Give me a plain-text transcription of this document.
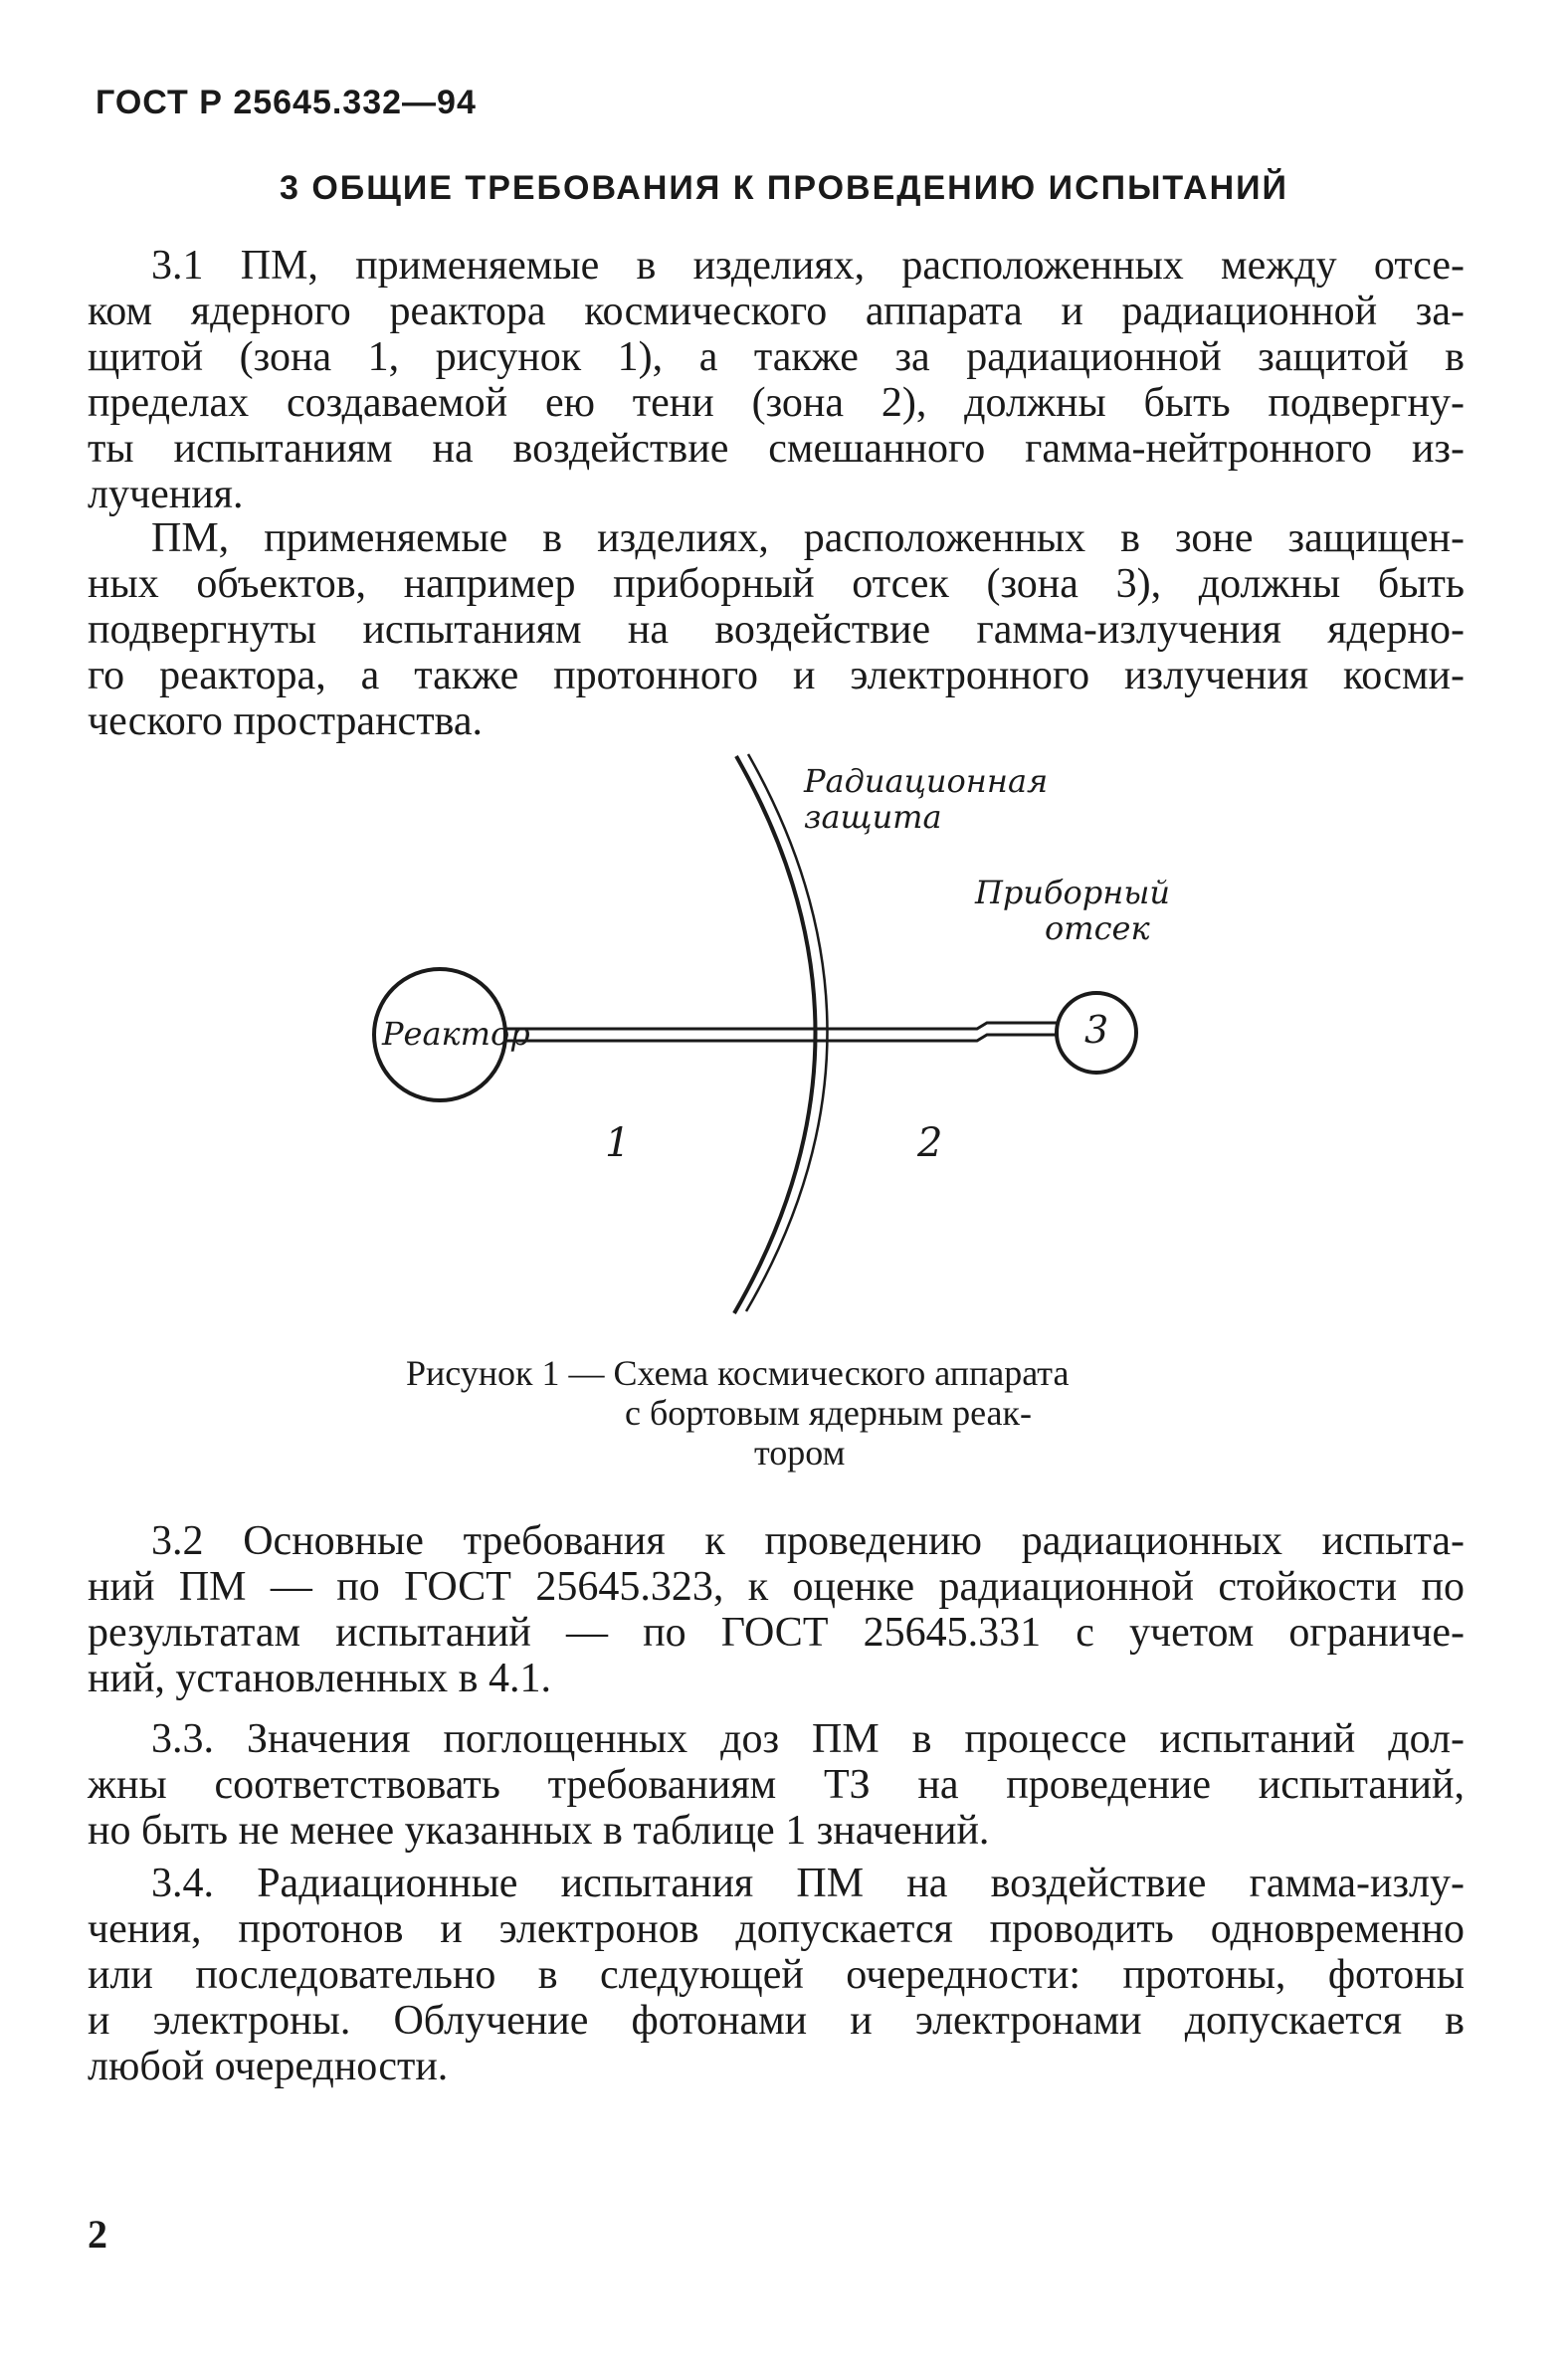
ГОСТ Р 25645.332—94
3 ОБЩИЕ ТРЕБОВАНИЯ К ПРОВЕДЕНИЮ ИСПЫТАНИЙ
3.1 ПМ, применяемые в изделиях, расположенных между отсе-
ком ядерного реактора космического аппарата и радиационной за-
щитой (зона 1, рисунок 1), а также за радиационной защитой в
пределах создаваемой ею тени (зона 2), должны быть подвергну-
ты испытаниям на воздействие смешанного гамма-нейтронного из-
лучения.
ПМ, применяемые в изделиях, расположенных в зоне защищен-
ных объектов, например приборный отсек (зона 3), должны быть
подвергнуты испытаниям на воздействие гамма-излучения ядерно-
го реактора, а также протонного и электронного излучения косми-
ческого пространства.
Радиационная
защита
Приборный
отсек
Реактор	3
1	2
Рисунок 1 — Схема космического аппарата
с бортовым ядерным реак-
тором
3.2 Основные требования к проведению радиационных испыта-
ний ПМ — по ГОСТ 25645.323, к оценке радиационной стойкости по
результатам испытаний — по ГОСТ 25645.331 с учетом ограниче-
ний, установленных в 4.1.
3.3. Значения поглощенных доз ПМ в процессе испытаний дол-
жны соответствовать требованиям ТЗ на проведение испытаний,
но быть не менее указанных в таблице 1 значений.
3.4. Радиационные испытания ПМ на воздействие гамма-излу-
чения, протонов и электронов допускается проводить одновременно
или последовательно в следующей очередности: протоны, фотоны
и электроны. Облучение фотонами и электронами допускается в
любой очередности.
2
